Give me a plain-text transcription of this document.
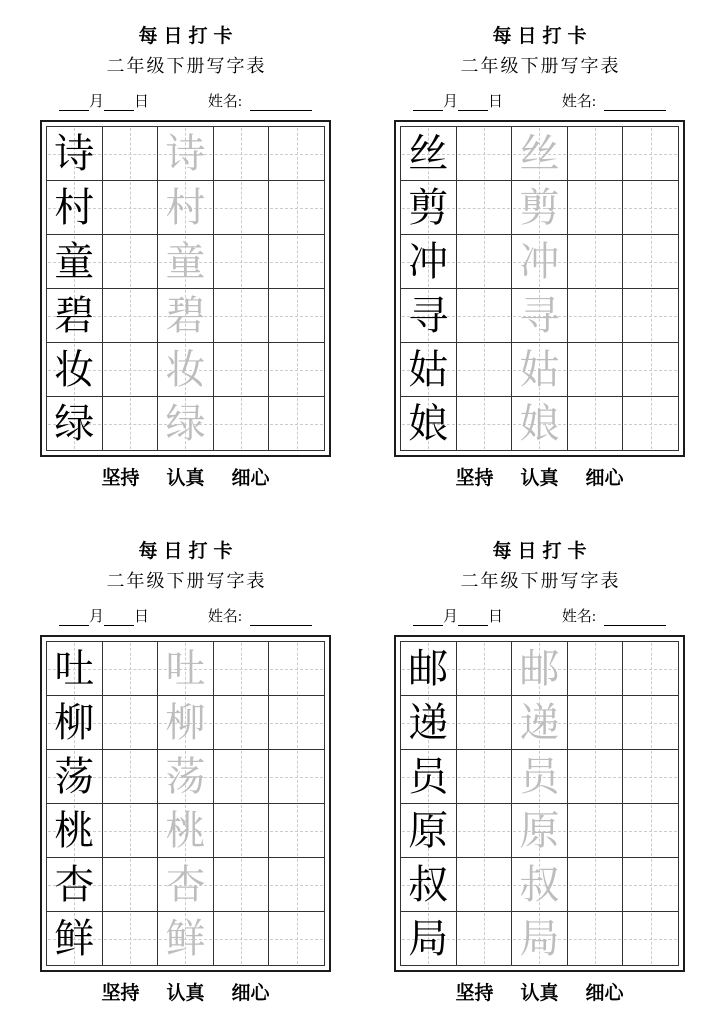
每日打卡
二年级下册写字表
月 日	姓名:
诗		诗	

村		村	

童		童	

碧		碧	

妆		妆	

绿		绿	

坚持 认真 细心
每日打卡
二年级下册写字表
月 日	姓名:
丝		丝	

剪		剪	

冲		冲	

寻		寻	

姑		姑	

娘		娘	

坚持 认真 细心
每日打卡
二年级下册写字表
月 日	姓名:
吐		吐	

柳		柳	

荡		荡	

桃		桃	

杏		杏	

鲜		鲜	

坚持 认真 细心
每日打卡
二年级下册写字表
月 日	姓名:
邮		邮	

递		递	

员		员	

原		原	

叔		叔	

局		局	

坚持 认真 细心
